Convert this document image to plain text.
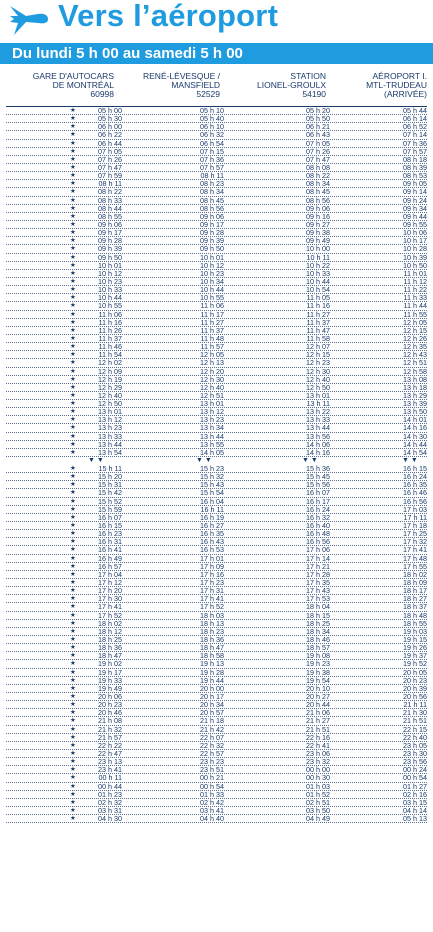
Vers l’aéroport
Du lundi 5 h 00 au samedi 5 h 00
GARE D'AUTOCARS
DE MONTRÉAL
60998
RENÉ-LÉVESQUE /
MANSFIELD
52529
STATION
LIONEL-GROULX
54190
AÉROPORT I.
MTL-TRUDEAU
(ARRIVÉE)
★	05 h 00	05 h 10	05 h 20	05 h 44
★	05 h 30	05 h 40	05 h 50	06 h 14
★	06 h 00	06 h 10	06 h 21	06 h 52
★	06 h 22	06 h 32	06 h 43	07 h 14
★	06 h 44	06 h 54	07 h 05	07 h 36
★	07 h 05	07 h 15	07 h 26	07 h 57
★	07 h 26	07 h 36	07 h 47	08 h 18
★	07 h 47	07 h 57	08 h 08	08 h 39
★	07 h 59	08 h 11	08 h 22	08 h 53
★	08 h 11	08 h 23	08 h 34	09 h 05
★	08 h 22	08 h 34	08 h 45	09 h 14
★	08 h 33	08 h 45	08 h 56	09 h 24
★	08 h 44	08 h 56	09 h 06	09 h 34
★	08 h 55	09 h 06	09 h 16	09 h 44
★	09 h 06	09 h 17	09 h 27	09 h 55
★	09 h 17	09 h 28	09 h 38	10 h 06
★	09 h 28	09 h 39	09 h 49	10 h 17
★	09 h 39	09 h 50	10 h 00	10 h 28
★	09 h 50	10 h 01	10 h 11	10 h 39
★	10 h 01	10 h 12	10 h 22	10 h 50
★	10 h 12	10 h 23	10 h 33	11 h 01
★	10 h 23	10 h 34	10 h 44	11 h 12
★	10 h 33	10 h 44	10 h 54	11 h 22
★	10 h 44	10 h 55	11 h 05	11 h 33
★	10 h 55	11 h 06	11 h 16	11 h 44
★	11 h 06	11 h 17	11 h 27	11 h 55
★	11 h 16	11 h 27	11 h 37	12 h 05
★	11 h 26	11 h 37	11 h 47	12 h 15
★	11 h 37	11 h 48	11 h 58	12 h 26
★	11 h 46	11 h 57	12 h 07	12 h 35
★	11 h 54	12 h 05	12 h 15	12 h 43
★	12 h 02	12 h 13	12 h 23	12 h 51
★	12 h 09	12 h 20	12 h 30	12 h 58
★	12 h 19	12 h 30	12 h 40	13 h 08
★	12 h 29	12 h 40	12 h 50	13 h 18
★	12 h 40	12 h 51	13 h 01	13 h 29
★	12 h 50	13 h 01	13 h 11	13 h 39
★	13 h 01	13 h 12	13 h 22	13 h 50
★	13 h 12	13 h 23	13 h 33	14 h 01
★	13 h 23	13 h 34	13 h 44	14 h 16
★	13 h 33	13 h 44	13 h 56	14 h 30
★	13 h 44	13 h 55	14 h 06	14 h 44
★	13 h 54	14 h 05	14 h 16	14 h 54
▼ ▼	▼ ▼	▼ ▼	▼ ▼
★	15 h 11	15 h 23	15 h 36	16 h 15
★	15 h 20	15 h 32	15 h 45	16 h 24
★	15 h 31	15 h 43	15 h 56	16 h 35
★	15 h 42	15 h 54	16 h 07	16 h 46
★	15 h 52	16 h 04	16 h 17	16 h 56
★	15 h 59	16 h 11	16 h 24	17 h 03
★	16 h 07	16 h 19	16 h 32	17 h 11
★	16 h 15	16 h 27	16 h 40	17 h 18
★	16 h 23	16 h 35	16 h 48	17 h 25
★	16 h 31	16 h 43	16 h 56	17 h 32
★	16 h 41	16 h 53	17 h 06	17 h 41
★	16 h 49	17 h 01	17 h 14	17 h 48
★	16 h 57	17 h 09	17 h 21	17 h 55
★	17 h 04	17 h 16	17 h 28	18 h 02
★	17 h 12	17 h 23	17 h 35	18 h 09
★	17 h 20	17 h 31	17 h 43	18 h 17
★	17 h 30	17 h 41	17 h 53	18 h 27
★	17 h 41	17 h 52	18 h 04	18 h 37
★	17 h 52	18 h 03	18 h 15	18 h 48
★	18 h 02	18 h 13	18 h 25	18 h 55
★	18 h 12	18 h 23	18 h 34	19 h 03
★	18 h 25	18 h 36	18 h 46	19 h 15
★	18 h 36	18 h 47	18 h 57	19 h 26
★	18 h 47	18 h 58	19 h 08	19 h 37
★	19 h 02	19 h 13	19 h 23	19 h 52
★	19 h 17	19 h 28	19 h 38	20 h 05
★	19 h 33	19 h 44	19 h 54	20 h 23
★	19 h 49	20 h 00	20 h 10	20 h 39
★	20 h 06	20 h 17	20 h 27	20 h 56
★	20 h 23	20 h 34	20 h 44	21 h 11
★	20 h 46	20 h 57	21 h 06	21 h 30
★	21 h 08	21 h 18	21 h 27	21 h 51
★	21 h 32	21 h 42	21 h 51	22 h 15
★	21 h 57	22 h 07	22 h 16	22 h 40
★	22 h 22	22 h 32	22 h 41	23 h 05
★	22 h 47	22 h 57	23 h 06	23 h 30
★	23 h 13	23 h 23	23 h 32	23 h 56
★	23 h 41	23 h 51	00 h 00	00 h 24
★	00 h 11	00 h 21	00 h 30	00 h 54
★	00 h 44	00 h 54	01 h 03	01 h 27
★	01 h 23	01 h 33	01 h 52	02 h 16
★	02 h 32	02 h 42	02 h 51	03 h 15
★	03 h 31	03 h 41	03 h 50	04 h 14
★	04 h 30	04 h 40	04 h 49	05 h 13
